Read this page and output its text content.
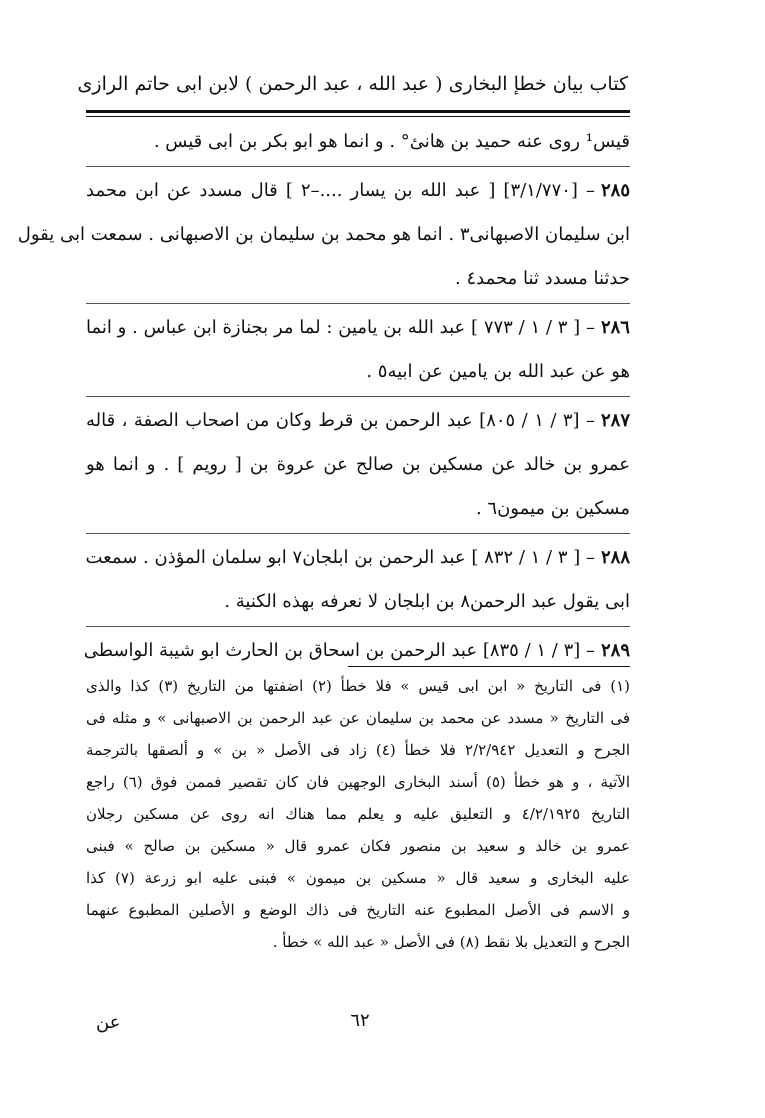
كتاب بيان خطإ البخارى ( عبد الله ، عبد الرحمن ) لابن ابى حاتم الرازى
قيس¹ روى عنه حميد بن هانئ° . و انما هو ابو بكر بن ابى قيس .
٢٨٥– [٣/١/٧٧٠] [ عبد الله بن يسار ....–٢ ] قال مسدد عن ابن محمد
ابن سليمان الاصبهانى٣ . انما هو محمد بن سليمان بن الاصبهانى . سمعت ابى يقول
حدثنا مسدد ثنا محمد٤ .
٢٨٦– [ ٣ / ١ / ٧٧٣ ] عبد الله بن يامين : لما مر بجنازة ابن عباس . و انما
هو عن عبد الله بن يامين عن ابيه٥ .
٢٨٧– [٣ / ١ / ٨٠٥] عبد الرحمن بن قرط وكان من اصحاب الصفة ، قاله
عمرو بن خالد عن مسكين بن صالح عن عروة بن [ رويم ] . و انما هو
مسكين بن ميمون٦ .
٢٨٨– [ ٣ / ١ / ٨٣٢ ] عبد الرحمن بن ابلجان٧ ابو سلمان المؤذن . سمعت
ابى يقول عبد الرحمن٨ بن ابلجان لا نعرفه بهذه الكنية .
٢٨٩– [٣ / ١ / ٨٣٥] عبد الرحمن بن اسحاق بن الحارث ابو شيبة الواسطى
(١) فى التاريخ « ابن ابى قيس » فلا خطأ (٢) اضفتها من التاريخ (٣) كذا والذى
فى التاريخ « مسدد عن محمد بن سليمان عن عبد الرحمن بن الاصبهانى » و مثله فى
الجرح و التعديل ٢/٢/٩٤٢ فلا خطأ (٤) زاد فى الأصل « بن » و ألصقها بالترجمة
الآتية ، و هو خطأ (٥) أسند البخارى الوجهين فان كان تقصير فممن فوق (٦) راجع
التاريخ ٤/٢/١٩٢٥ و التعليق عليه و يعلم مما هناك انه روى عن مسكين رجلان
عمرو بن خالد و سعيد بن منصور فكان عمرو قال « مسكين بن صالح » فبنى
عليه البخارى و سعيد قال « مسكين بن ميمون » فبنى عليه ابو زرعة (٧) كذا
و الاسم فى الأصل المطبوع عنه التاريخ فى ذاك الوضع و الأصلين المطبوع عنهما
الجرح و التعديل بلا نقط (٨) فى الأصل « عبد الله » خطأ .
٦٢
عن
